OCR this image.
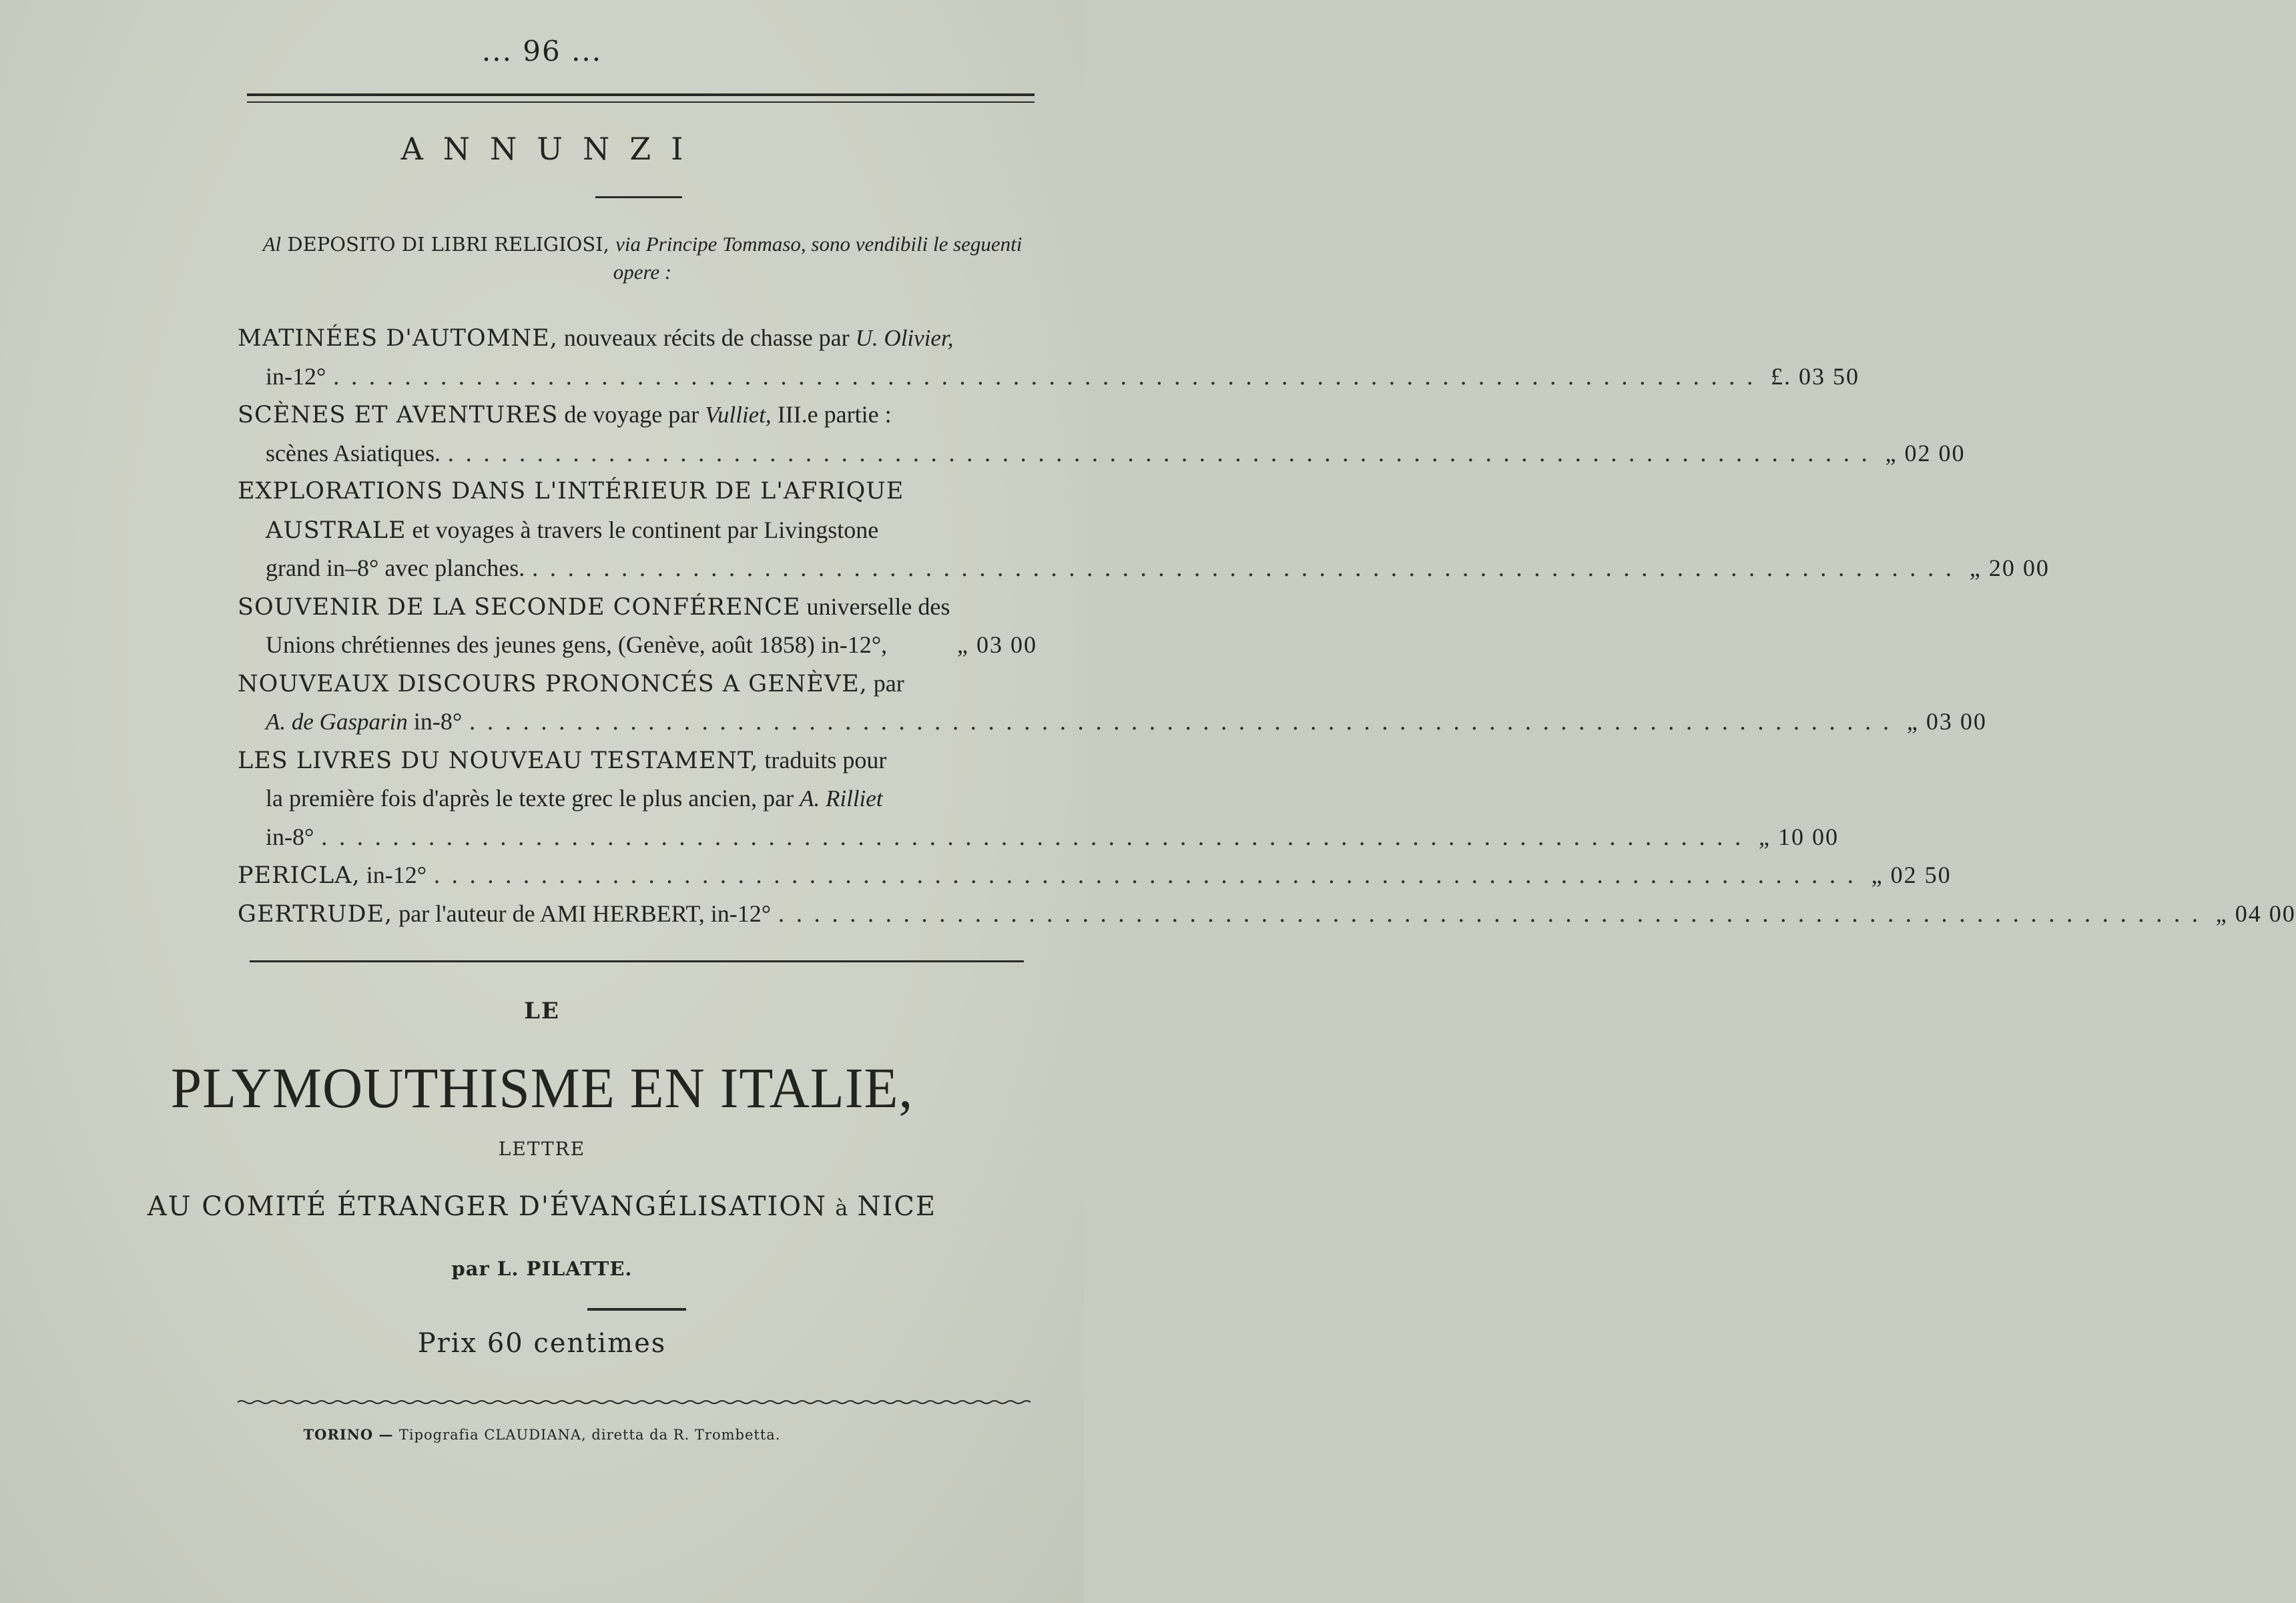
... 96 ...
ANNUNZI
Al DEPOSITO DI LIBRI RELIGIOSI, via Principe Tommaso, sono vendibili le seguenti opere :
MATINÉES D'AUTOMNE, nouveaux récits de chasse par U. Olivier,
in-12° ................................................................................ £. 03 50
SCÈNES ET AVENTURES de voyage par Vulliet, III.e partie :
scènes Asiatiques. ................................................................................ „ 02 00
EXPLORATIONS DANS L'INTÉRIEUR DE L'AFRIQUE
AUSTRALE et voyages à travers le continent par Livingstone
grand in–8° avec planches. ................................................................................ „ 20 00
SOUVENIR DE LA SECONDE CONFÉRENCE universelle des
Unions chrétiennes des jeunes gens, (Genève, août 1858) in-12°,	„ 03 00
NOUVEAUX DISCOURS PRONONCÉS A GENÈVE, par
A. de Gasparin in-8° ................................................................................ „ 03 00
LES LIVRES DU NOUVEAU TESTAMENT, traduits pour
la première fois d'après le texte grec le plus ancien, par A. Rilliet
in-8° ................................................................................ „ 10 00
PERICLA, in-12° ................................................................................ „ 02 50
GERTRUDE, par l'auteur de AMI HERBERT, in-12° ................................................................................ „ 04 00
LE
PLYMOUTHISME EN ITALIE,
LETTRE
AU COMITÉ ÉTRANGER D'ÉVANGÉLISATION à NICE
par L. PILATTE.
Prix 60 centimes
TORINO — Tipografia CLAUDIANA, diretta da R. Trombetta.
